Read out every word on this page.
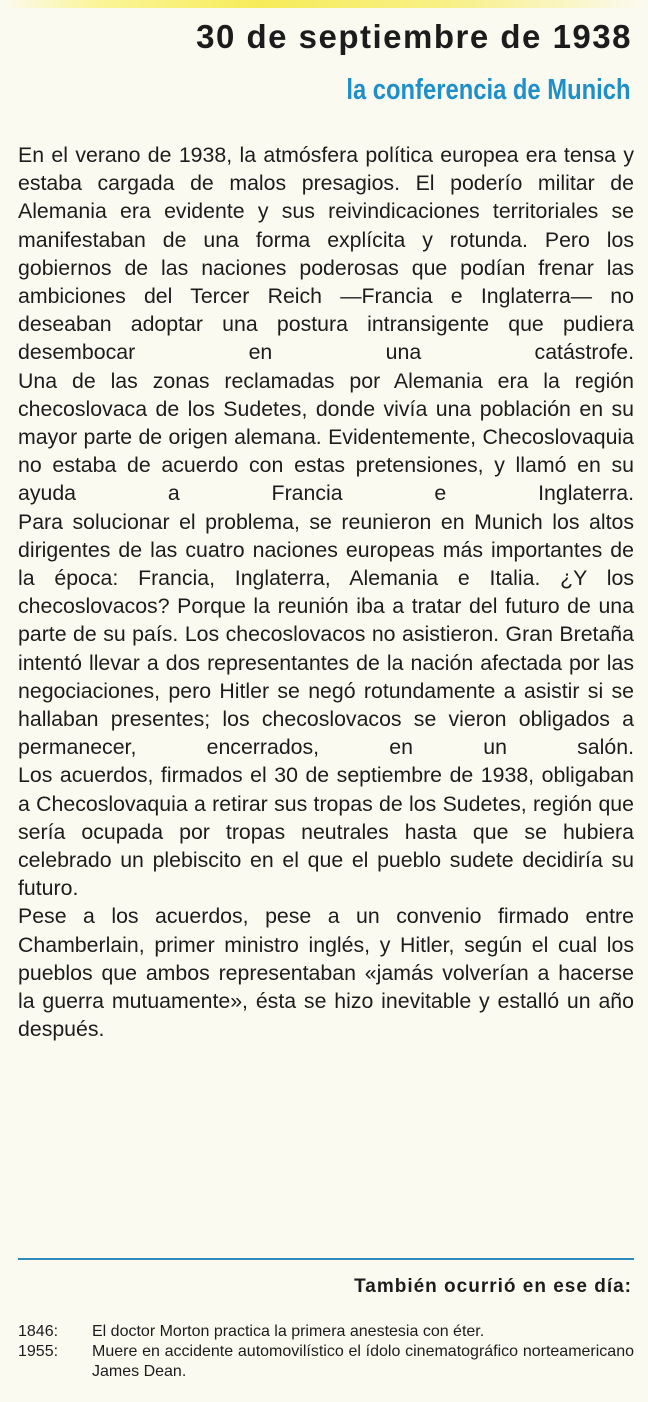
30 de septiembre de 1938
la conferencia de Munich

En el verano de 1938, la atmósfera política europea era tensa y estaba cargada de malos presagios. El poderío militar de Alemania era evidente y sus reivindicaciones territoriales se manifestaban de una forma explícita y rotunda. Pero los gobiernos de las naciones poderosas que podían frenar las ambiciones del Tercer Reich —Francia e Inglaterra— no deseaban adoptar una postura intransigente que pudiera desembocar en una catástrofe.

Una de las zonas reclamadas por Alemania era la región checoslovaca de los Sudetes, donde vivía una población en su mayor parte de origen alemana. Evidentemente, Checoslovaquia no estaba de acuerdo con estas pretensiones, y llamó en su ayuda a Francia e Inglaterra.

Para solucionar el problema, se reunieron en Munich los altos dirigentes de las cuatro naciones europeas más importantes de la época: Francia, Inglaterra, Alemania e Italia. ¿Y los checoslovacos? Porque la reunión iba a tratar del futuro de una parte de su país. Los checoslovacos no asistieron. Gran Bretaña intentó llevar a dos representantes de la nación afectada por las negociaciones, pero Hitler se negó rotundamente a asistir si se hallaban presentes; los checoslovacos se vieron obligados a permanecer, encerrados, en un salón.

Los acuerdos, firmados el 30 de septiembre de 1938, obligaban a Checoslovaquia a retirar sus tropas de los Sudetes, región que sería ocupada por tropas neutrales hasta que se hubiera celebrado un plebiscito en el que el pueblo sudete decidiría su futuro.

Pese a los acuerdos, pese a un convenio firmado entre Chamberlain, primer ministro inglés, y Hitler, según el cual los pueblos que ambos representaban «jamás volverían a hacerse la guerra mutuamente», ésta se hizo inevitable y estalló un año después.

También ocurrió en ese día:
1846:	El doctor Morton practica la primera anestesia con éter.
1955:	Muere en accidente automovilístico el ídolo cinematográfico norteamericano James Dean.
